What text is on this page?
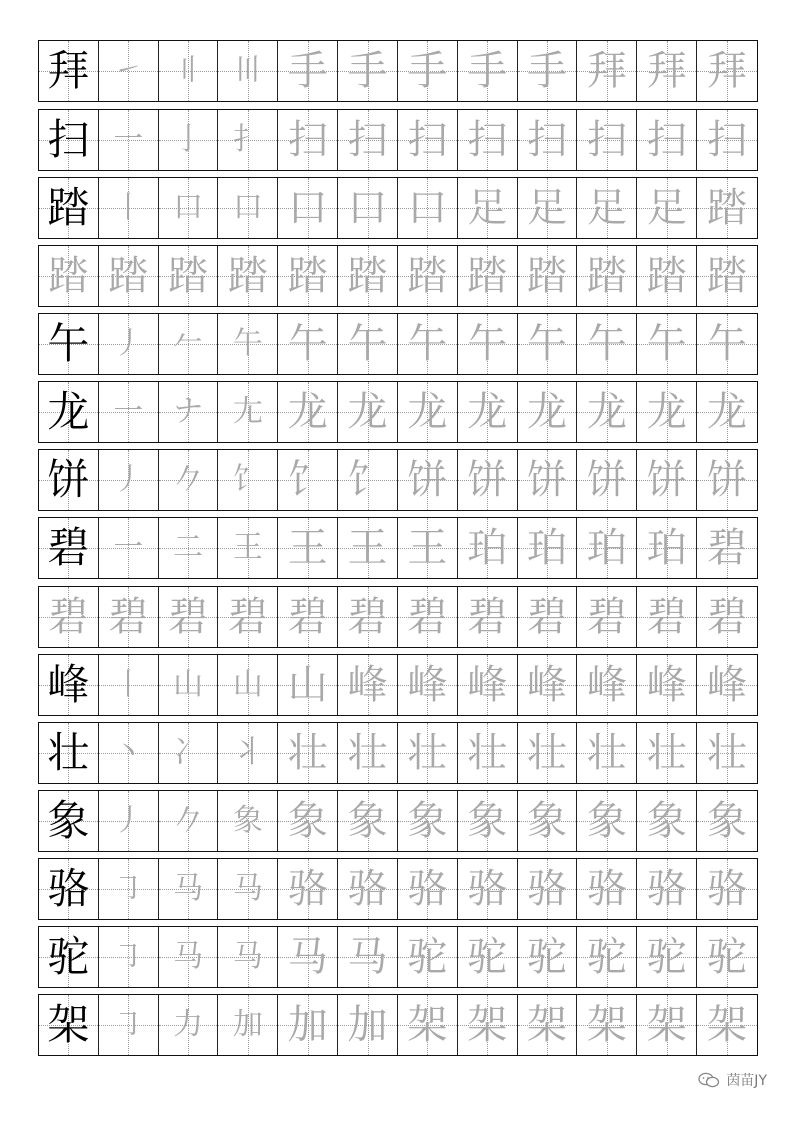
拜 ㇀ 〢 〣 手 手 手 手 手 拜 拜 拜
扫 一 亅 扌 扫 扫 扫 扫 扫 扫 扫 扫
踏 丨 口 口 口 口 口 足 足 足 足 踏
踏 踏 踏 踏 踏 踏 踏 踏 踏 踏 踏 踏
午 丿 𠂉 午 午 午 午 午 午 午 午 午
龙 一 ナ 尢 龙 龙 龙 龙 龙 龙 龙 龙
饼 丿 𠂊 饣 饣 饣 饼 饼 饼 饼 饼 饼
碧 一 二 王 王 王 王 珀 珀 珀 珀 碧
碧 碧 碧 碧 碧 碧 碧 碧 碧 碧 碧 碧
峰 丨 山 山 山 峰 峰 峰 峰 峰 峰 峰
壮 丶 冫 丬 壮 壮 壮 壮 壮 壮 壮 壮
象 丿 𠂊 象 象 象 象 象 象 象 象 象
骆 ㇆ 马 马 骆 骆 骆 骆 骆 骆 骆 骆
驼 ㇆ 马 马 马 马 驼 驼 驼 驼 驼 驼
架 ㇆ 力 加 加 加 架 架 架 架 架 架
茵苗JY
